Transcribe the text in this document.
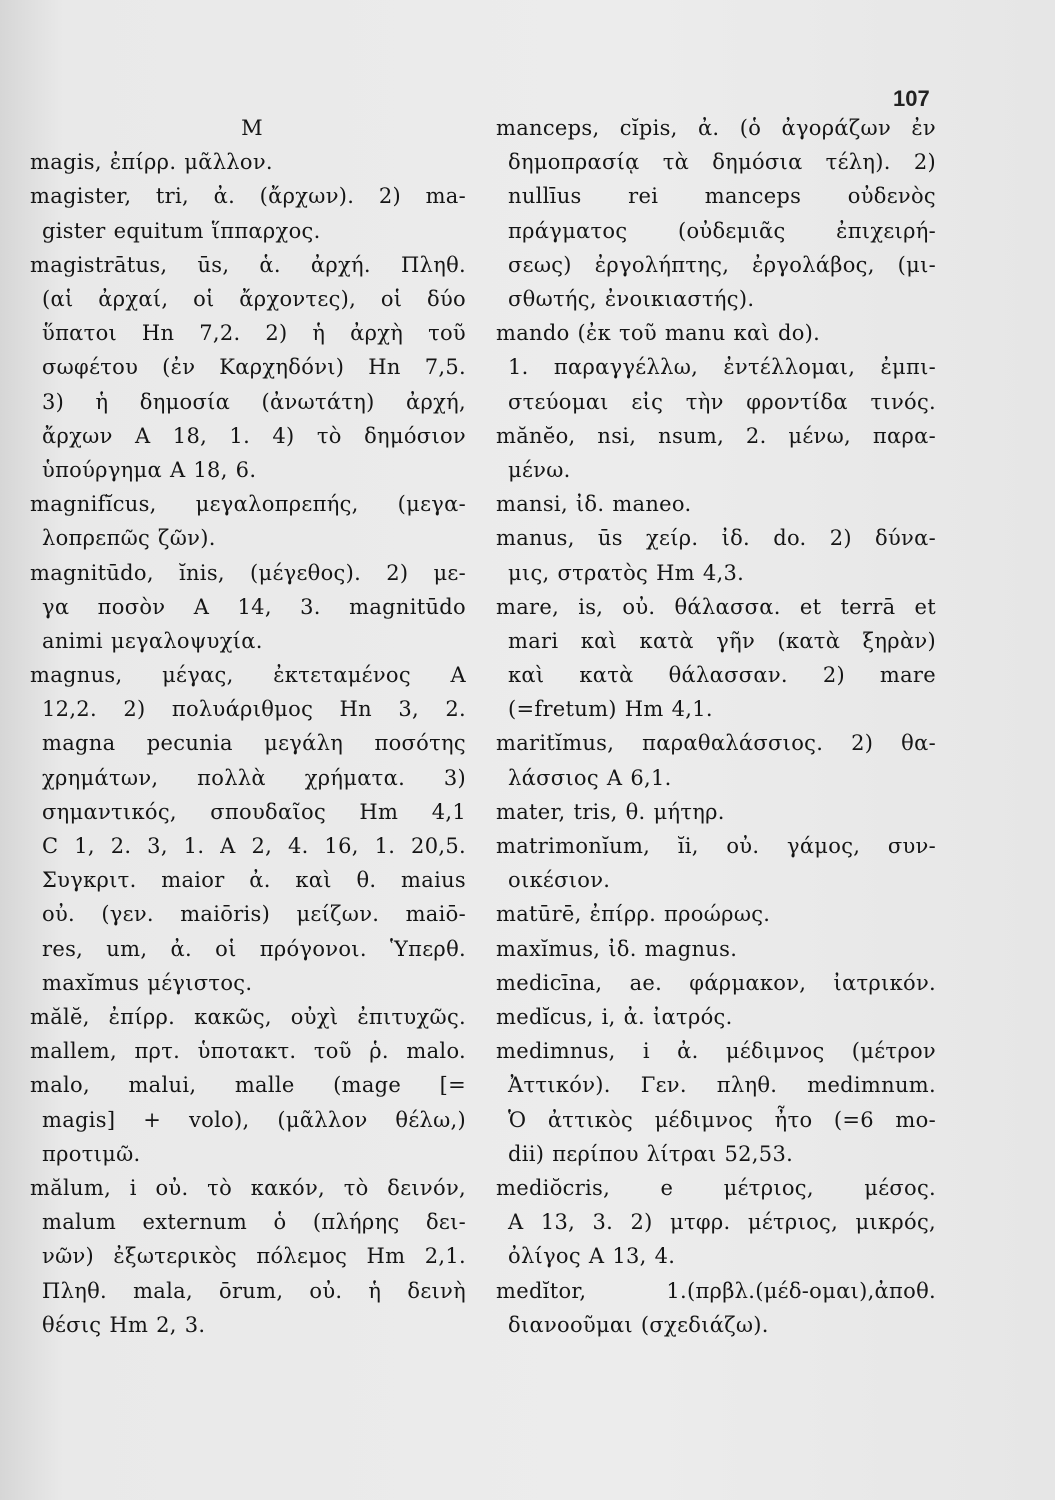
107
M
magis, ἐπίρρ. μᾶλλον.
magister, tri, ἀ. (ἄρχων). 2) ma-
gister equitum ἵππαρχος.
magistrātus, ūs, ἁ. ἀρχή. Πληθ.
(αἱ ἀρχαί, οἱ ἄρχοντες), οἱ δύο
ὕπατοι Hn 7,2. 2) ἡ ἀρχὴ τοῦ
σωφέτου (ἐν Καρχηδόνι) Hn 7,5.
3) ἡ δημοσία (ἀνωτάτη) ἀρχή,
ἄρχων A 18, 1. 4) τὸ δημόσιον
ὑπούργημα A 18, 6.
magnifĭcus, μεγαλοπρεπής, (μεγα-
λοπρεπῶς ζῶν).
magnitūdo, ĭnis, (μέγεθος). 2) με-
γα ποσὸν A 14, 3. magnitūdo
animi μεγαλοψυχία.
magnus, μέγας, ἐκτεταμένος A
12,2. 2) πολυάριθμος Hn 3, 2.
magna pecunia μεγάλη ποσότης
χρημάτων, πολλὰ χρήματα. 3)
σημαντικός, σπουδαῖος Hm 4,1
C 1, 2. 3, 1. A 2, 4. 16, 1. 20,5.
Συγκριτ. maior ἀ. καὶ θ. maius
οὐ. (γεν. maiōris) μείζων. maiō-
res, um, ἀ. οἱ πρόγονοι. Ὑπερθ.
maxĭmus μέγιστος.
mălĕ, ἐπίρρ. κακῶς, οὐχὶ ἐπιτυχῶς.
mallem, πρτ. ὑποτακτ. τοῦ ῥ. malo.
malo, malui, malle (mage [=
magis] + volo), (μᾶλλον θέλω,)
προτιμῶ.
mălum, i οὐ. τὸ κακόν, τὸ δεινόν,
malum externum ὁ (πλήρης δει-
νῶν) ἐξωτερικὸς πόλεμος Hm 2,1.
Πληθ. mala, ōrum, οὐ. ἡ δεινὴ
θέσις Hm 2, 3.
manceps, cĭpis, ἀ. (ὁ ἀγοράζων ἐν
δημοπρασίᾳ τὰ δημόσια τέλη). 2)
nullīus rei manceps οὐδενὸς
πράγματος (οὐδεμιᾶς ἐπιχειρή-
σεως) ἐργολήπτης, ἐργολάβος, (μι-
σθωτής, ἐνοικιαστής).
mando (ἐκ τοῦ manu καὶ do).
1. παραγγέλλω, ἐντέλλομαι, ἐμπι-
στεύομαι εἰς τὴν φροντίδα τινός.
mănĕo, nsi, nsum, 2. μένω, παρα-
μένω.
mansi, ἰδ. maneo.
manus, ūs χείρ. ἰδ. do. 2) δύνα-
μις, στρατὸς Hm 4,3.
mare, is, οὐ. θάλασσα. et terrā et
mari καὶ κατὰ γῆν (κατὰ ξηρὰν)
καὶ κατὰ θάλασσαν. 2) mare
(=fretum) Hm 4,1.
maritĭmus, παραθαλάσσιος. 2) θα-
λάσσιος A 6,1.
mater, tris, θ. μήτηρ.
matrimonĭum, ĭi, οὐ. γάμος, συν-
οικέσιον.
matūrē, ἐπίρρ. προώρως.
maxĭmus, ἰδ. magnus.
medicīna, ae. φάρμακον, ἰατρικόν.
medĭcus, i, ἀ. ἰατρός.
medimnus, i ἀ. μέδιμνος (μέτρον
Ἀττικόν). Γεν. πληθ. medimnum.
Ὁ ἀττικὸς μέδιμνος ἦτο (=6 mo-
dii) περίπου λίτραι 52,53.
mediŏcris, e μέτριος, μέσος.
A 13, 3. 2) μτφρ. μέτριος, μικρός,
ὀλίγος A 13, 4.
medĭtor, 1.(πρβλ.(μέδ-ομαι),ἀποθ.
διανοοῦμαι (σχεδιάζω).
